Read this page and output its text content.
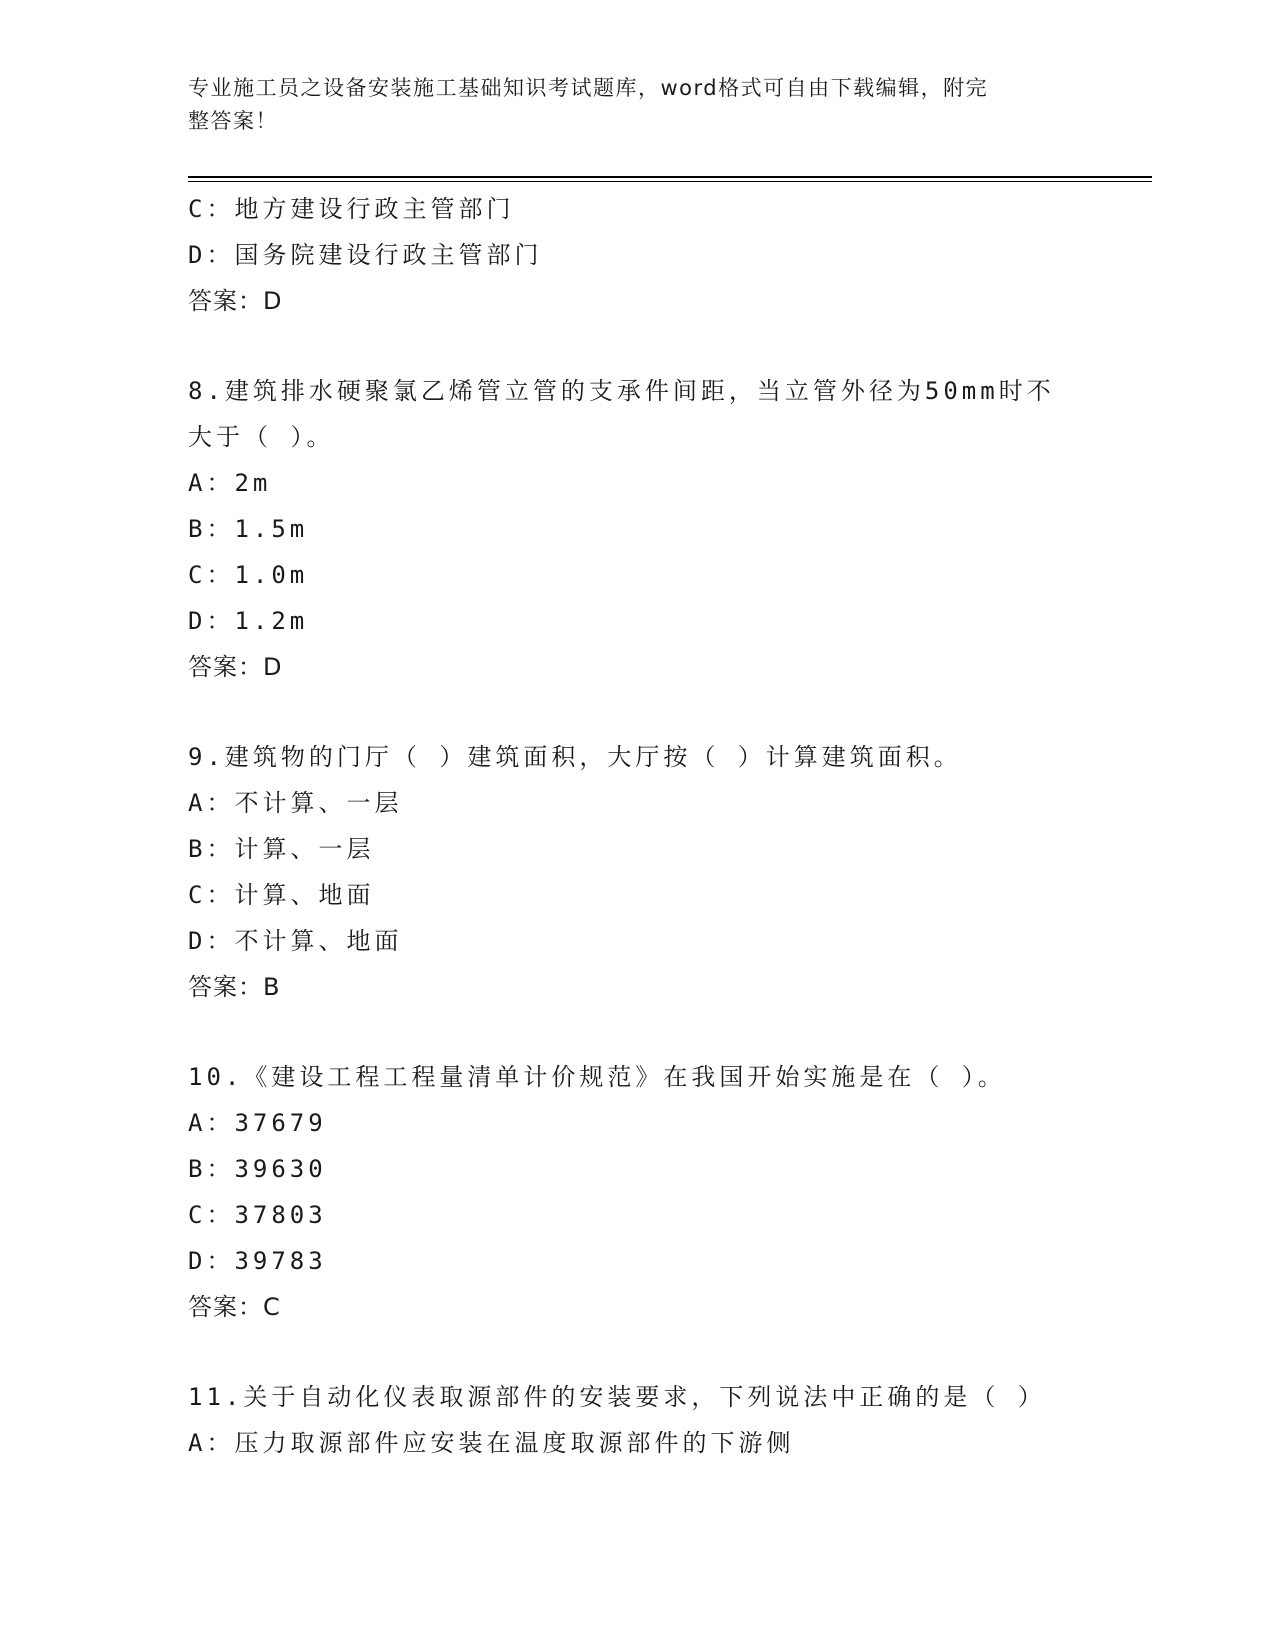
专业施工员之设备安装施工基础知识考试题库，word格式可自由下载编辑，附完
整答案！
C：地方建设行政主管部门
D：国务院建设行政主管部门
答案：D
8.建筑排水硬聚氯乙烯管立管的支承件间距，当立管外径为50mm时不
大于（ ）。
A：2m
B：1.5m
C：1.0m
D：1.2m
答案：D
9.建筑物的门厅（ ）建筑面积，大厅按（ ）计算建筑面积。
A：不计算、一层
B：计算、一层
C：计算、地面
D：不计算、地面
答案：B
10.《建设工程工程量清单计价规范》在我国开始实施是在（ ）。
A：37679
B：39630
C：37803
D：39783
答案：C
11.关于自动化仪表取源部件的安装要求，下列说法中正确的是（ ）
A：压力取源部件应安装在温度取源部件的下游侧
